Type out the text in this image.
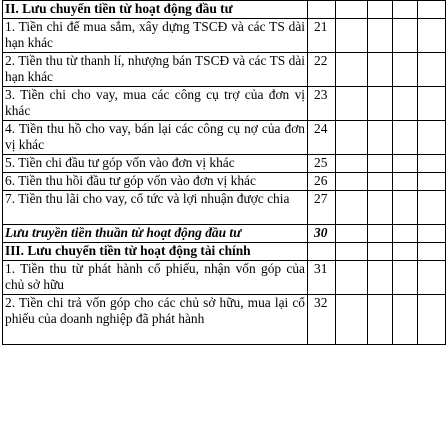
II. Lưu chuyển tiền từ hoạt động đầu tư					
1. Tiền chi để mua sắm, xây dựng TSCĐ và các TS dài hạn khác	21				
2. Tiền thu từ thanh lí, nhượng bán TSCĐ và các TS dài hạn khác	22				
3. Tiền chi cho vay, mua các công cụ trợ của đơn vị khác	23				
4. Tiền thu hồ cho vay, bán lại các công cụ nợ của đơn vị khác	24				
5. Tiền chi đầu tư góp vốn vào đơn vị khác	25				
6. Tiền thu hồi đầu tư góp vốn vào đơn vị khác	26				
7. Tiền thu lãi cho vay, cổ tức và lợi nhuận được chia	27				
Lưu truyền tiền thuần từ hoạt động đầu tư	30				
III. Lưu chuyển tiền từ hoạt động tài chính					
1. Tiền thu từ phát hành cổ phiếu, nhận vốn góp của chủ sở hữu	31				
2. Tiền chi trả vốn góp cho các chủ sở hữu, mua lại cổ phiếu của doanh nghiệp đã phát hành	32				
